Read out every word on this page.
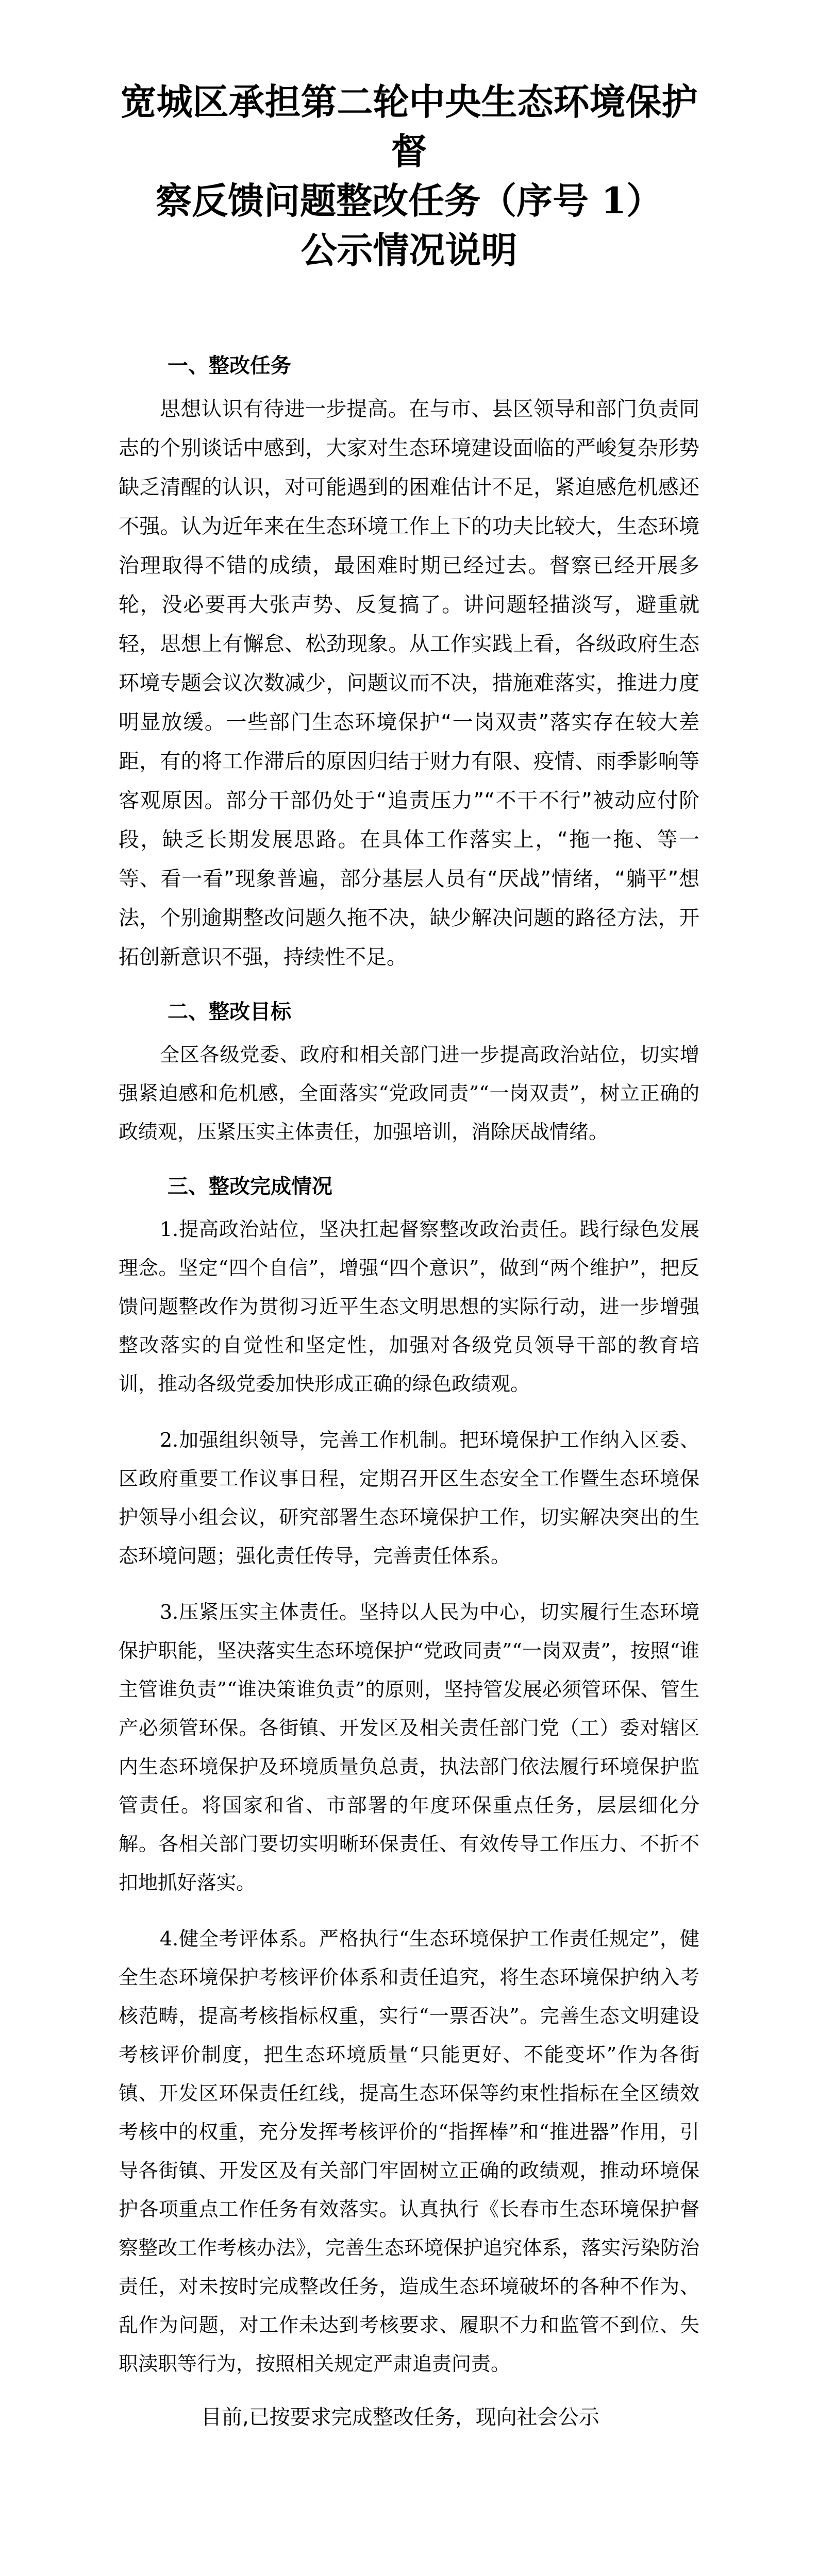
宽城区承担第二轮中央生态环境保护督
察反馈问题整改任务（序号 1）
公示情况说明
一、整改任务

思想认识有待进一步提高。在与市、县区领导和部门负责同志的个别谈话中感到，大家对生态环境建设面临的严峻复杂形势缺乏清醒的认识，对可能遇到的困难估计不足，紧迫感危机感还不强。认为近年来在生态环境工作上下的功夫比较大，生态环境治理取得不错的成绩，最困难时期已经过去。督察已经开展多轮，没必要再大张声势、反复搞了。讲问题轻描淡写，避重就轻，思想上有懈怠、松劲现象。从工作实践上看，各级政府生态环境专题会议次数减少，问题议而不决，措施难落实，推进力度明显放缓。一些部门生态环境保护“一岗双责”落实存在较大差距，有的将工作滞后的原因归结于财力有限、疫情、雨季影响等客观原因。部分干部仍处于“追责压力”“不干不行”被动应付阶段，缺乏长期发展思路。在具体工作落实上，“拖一拖、等一等、看一看”现象普遍，部分基层人员有“厌战”情绪，“躺平”想法，个别逾期整改问题久拖不决，缺少解决问题的路径方法，开拓创新意识不强，持续性不足。

二、整改目标

全区各级党委、政府和相关部门进一步提高政治站位，切实增强紧迫感和危机感，全面落实“党政同责”“一岗双责”，树立正确的政绩观，压紧压实主体责任，加强培训，消除厌战情绪。

三、整改完成情况

1.提高政治站位，坚决扛起督察整改政治责任。践行绿色发展理念。坚定“四个自信”，增强“四个意识”，做到“两个维护”，把反馈问题整改作为贯彻习近平生态文明思想的实际行动，进一步增强整改落实的自觉性和坚定性，加强对各级党员领导干部的教育培训，推动各级党委加快形成正确的绿色政绩观。

2.加强组织领导，完善工作机制。把环境保护工作纳入区委、区政府重要工作议事日程，定期召开区生态安全工作暨生态环境保护领导小组会议，研究部署生态环境保护工作，切实解决突出的生态环境问题；强化责任传导，完善责任体系。

3.压紧压实主体责任。坚持以人民为中心，切实履行生态环境保护职能，坚决落实生态环境保护“党政同责”“一岗双责”，按照“谁主管谁负责”“谁决策谁负责”的原则，坚持管发展必须管环保、管生产必须管环保。各街镇、开发区及相关责任部门党（工）委对辖区内生态环境保护及环境质量负总责，执法部门依法履行环境保护监管责任。将国家和省、市部署的年度环保重点任务，层层细化分解。各相关部门要切实明晰环保责任、有效传导工作压力、不折不扣地抓好落实。

4.健全考评体系。严格执行“生态环境保护工作责任规定”，健全生态环境保护考核评价体系和责任追究，将生态环境保护纳入考核范畴，提高考核指标权重，实行“一票否决”。完善生态文明建设考核评价制度，把生态环境质量“只能更好、不能变坏”作为各街镇、开发区环保责任红线，提高生态环保等约束性指标在全区绩效考核中的权重，充分发挥考核评价的“指挥棒”和“推进器”作用，引导各街镇、开发区及有关部门牢固树立正确的政绩观，推动环境保护各项重点工作任务有效落实。认真执行《长春市生态环境保护督察整改工作考核办法》，完善生态环境保护追究体系，落实污染防治责任，对未按时完成整改任务，造成生态环境破坏的各种不作为、乱作为问题，对工作未达到考核要求、履职不力和监管不到位、失职渎职等行为，按照相关规定严肃追责问责。

目前,已按要求完成整改任务，现向社会公示
